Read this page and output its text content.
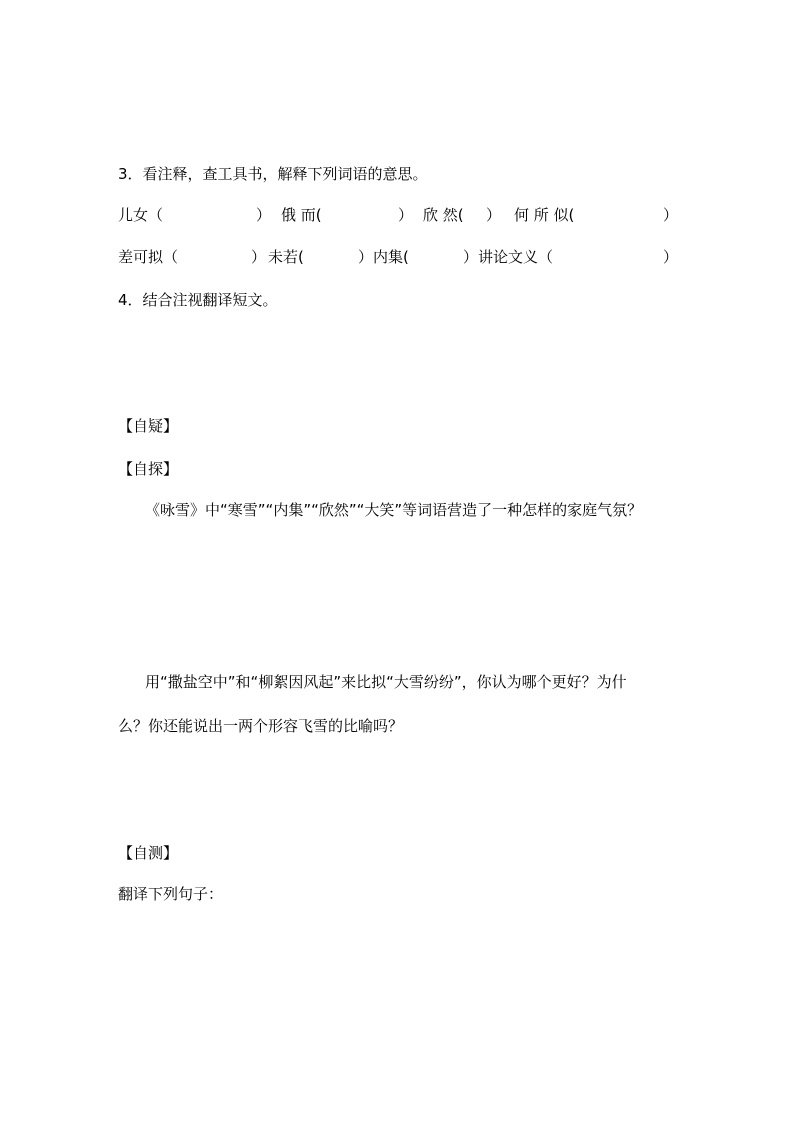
3．看注释，查工具书，解释下列词语的意思。
儿女（	） 俄 而(	） 欣 然( ） 何 所 似(	）
差可拟（	） 未若(	）内集(	）讲论文义（	）
4．结合注视翻译短文。
【自疑】
【自探】
《咏雪》中“寒雪”“内集”“欣然”“大笑”等词语营造了一种怎样的家庭气氛？
用“撒盐空中”和“柳絮因风起”来比拟“大雪纷纷”，你认为哪个更好？为什
么？你还能说出一两个形容飞雪的比喻吗？
【自测】
翻译下列句子：
